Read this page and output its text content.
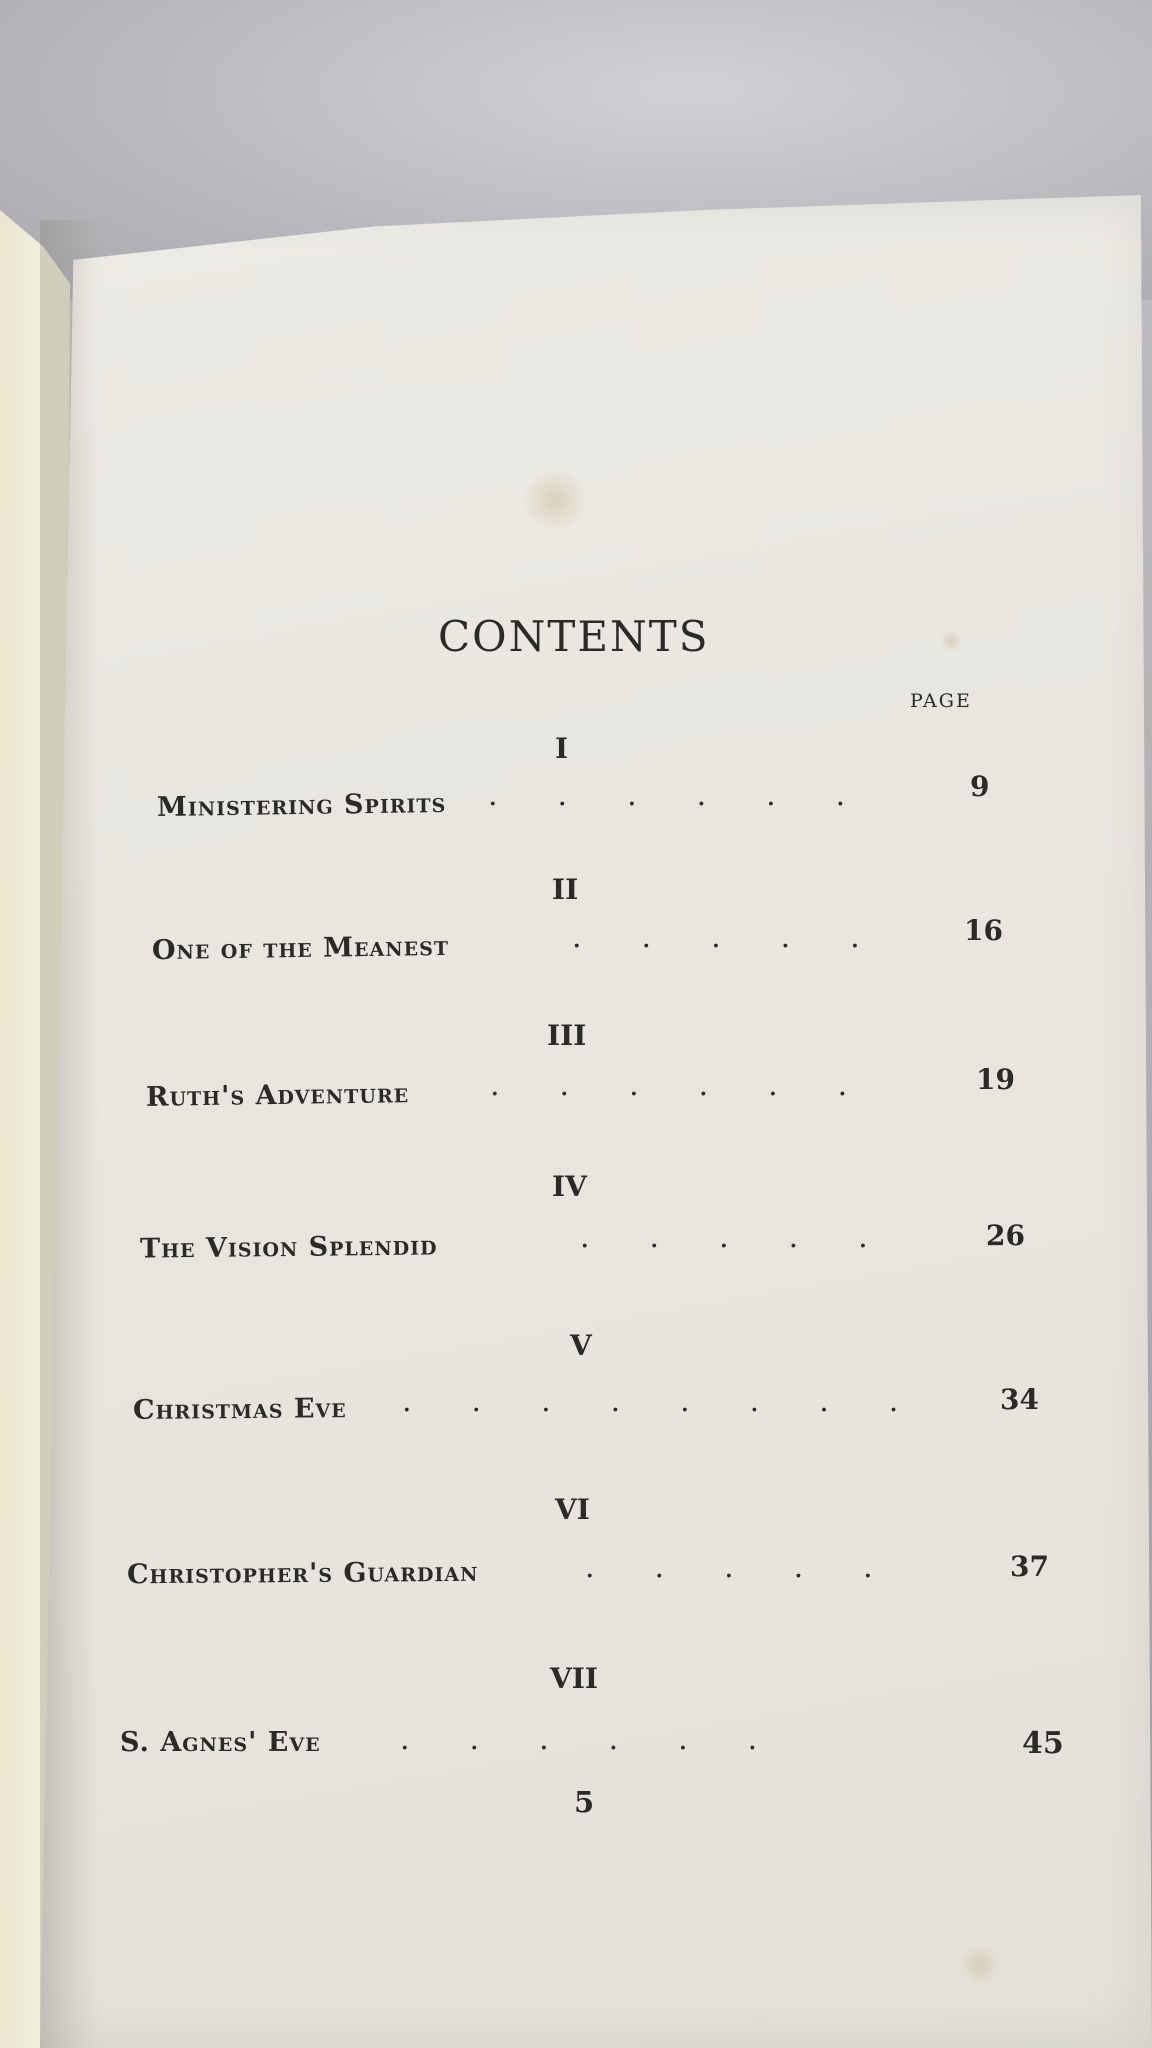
CONTENTS
PAGE
I
Ministering Spirits .  .  .  .  .  .	9
II
One of the Meanest	.  .  .  .  .	16
III
Ruth's Adventure	.  .  .  .  .  .	19
IV
The Vision Splendid	.  .  .  .  .	26
V
Christmas Eve .  .  .  .  .  .  .  .	34
VI
Christopher's Guardian	.  .  .  .  .	37
VII
S. Agnes' Eve	.  .  .  .  .  .	45
5
